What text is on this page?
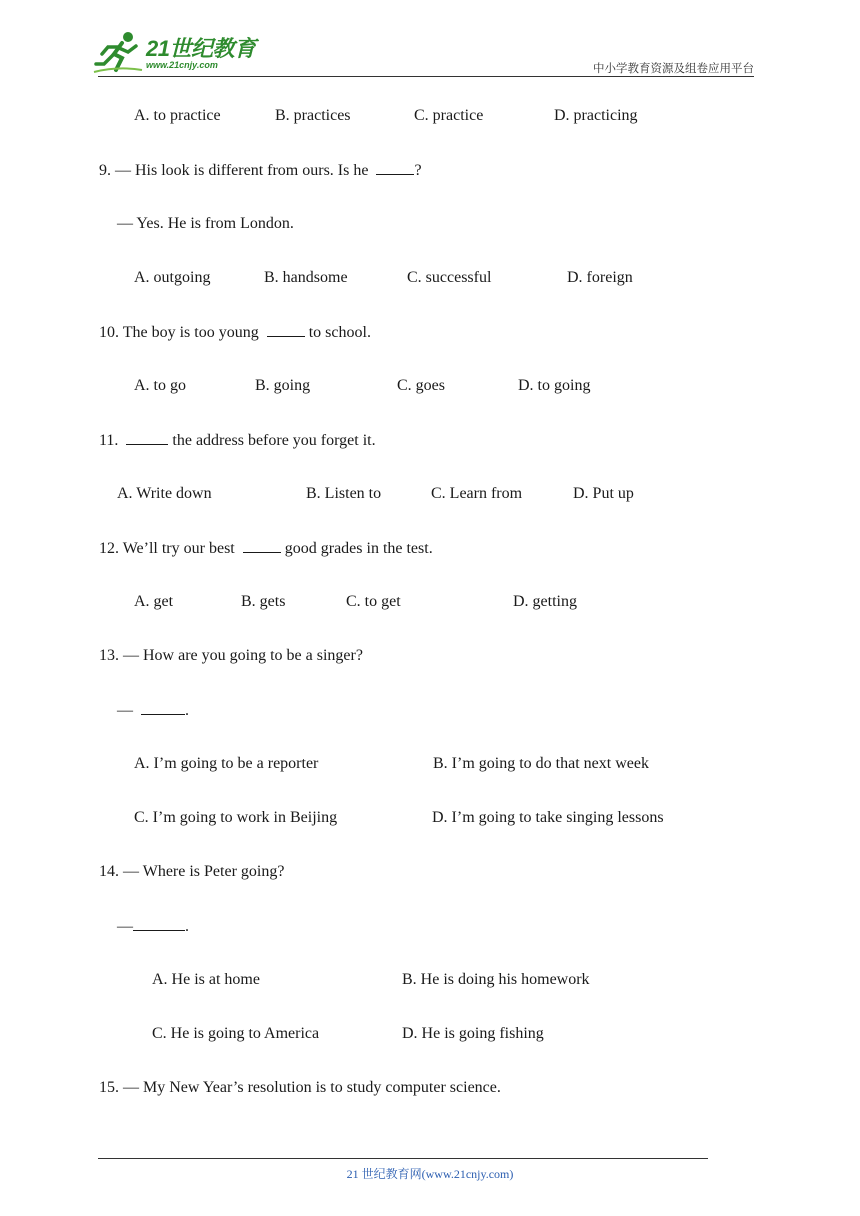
21世纪教育
www.21cnjy.com	中小学教育资源及组卷应用平台
A. to practice	B. practices	C. practice	D. practicing
9. — His look is different from ours. Is he	?
— Yes. He is from London.
A. outgoing	B. handsome	C. successful	D. foreign
10. The boy is too young	to school.
A. to go	B. going	C. goes	D. to going
11.	the address before you forget it.
A. Write down	B. Listen to	C. Learn from	D. Put up
12. We’ll try our best	good grades in the test.
A. get	B. gets	C. to get	D. getting
13. — How are you going to be a singer?
—	.
A. I’m going to be a reporter	B. I’m going to do that next week
C. I’m going to work in Beijing	D. I’m going to take singing lessons
14. — Where is Peter going?
—	.
A. He is at home	B. He is doing his homework
C. He is going to America	D. He is going fishing
15. — My New Year’s resolution is to study computer science.
21 世纪教育网(www.21cnjy.com)
